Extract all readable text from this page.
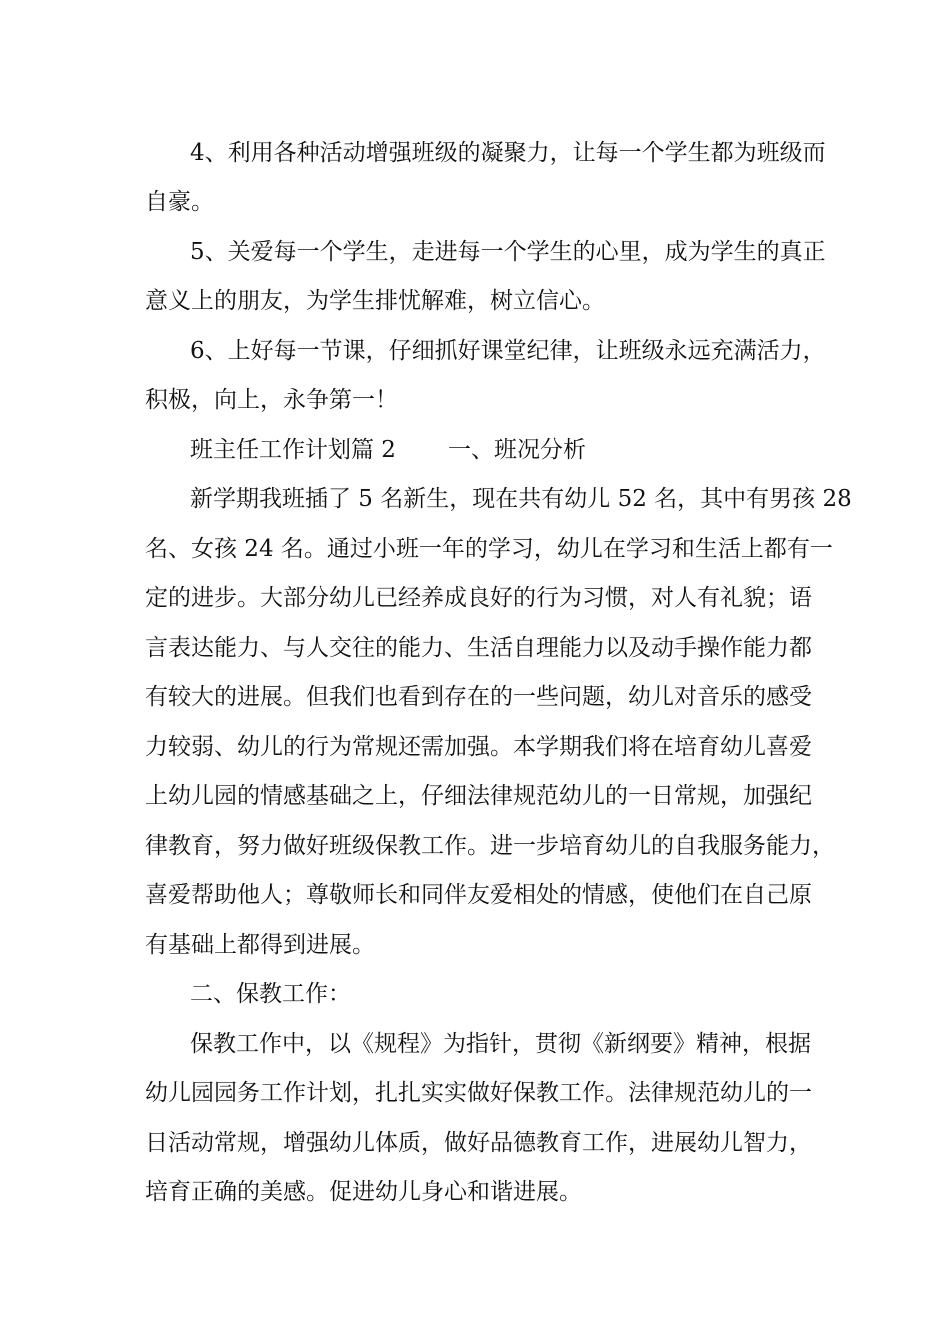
4、利用各种活动增强班级的凝聚力，让每一个学生都为班级而

自豪。

5、关爱每一个学生，走进每一个学生的心里，成为学生的真正

意义上的朋友，为学生排忧解难，树立信心。

6、上好每一节课，仔细抓好课堂纪律，让班级永远充满活力，

积极，向上，永争第一！

班主任工作计划篇 2 一、班况分析

新学期我班插了 5 名新生，现在共有幼儿 52 名，其中有男孩 28

名、女孩 24 名。通过小班一年的学习，幼儿在学习和生活上都有一

定的进步。大部分幼儿已经养成良好的行为习惯，对人有礼貌；语

言表达能力、与人交往的能力、生活自理能力以及动手操作能力都

有较大的进展。但我们也看到存在的一些问题，幼儿对音乐的感受

力较弱、幼儿的行为常规还需加强。本学期我们将在培育幼儿喜爱

上幼儿园的情感基础之上，仔细法律规范幼儿的一日常规，加强纪

律教育，努力做好班级保教工作。进一步培育幼儿的自我服务能力，

喜爱帮助他人；尊敬师长和同伴友爱相处的情感，使他们在自己原

有基础上都得到进展。

二、保教工作：

保教工作中，以《规程》为指针，贯彻《新纲要》精神，根据

幼儿园园务工作计划，扎扎实实做好保教工作。法律规范幼儿的一

日活动常规，增强幼儿体质，做好品德教育工作，进展幼儿智力，

培育正确的美感。促进幼儿身心和谐进展。
